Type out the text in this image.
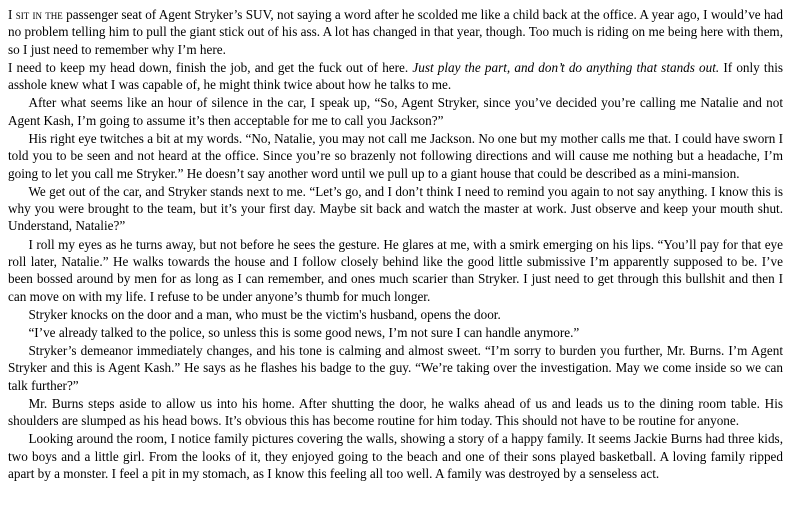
I sit in the passenger seat of Agent Stryker’s SUV, not saying a word after he scolded me like a child back at the office. A year ago, I would’ve had no problem telling him to pull the giant stick out of his ass. A lot has changed in that year, though. Too much is riding on me being here with them, so I just need to remember why I’m here.

I need to keep my head down, finish the job, and get the fuck out of here. Just play the part, and don’t do anything that stands out. If only this asshole knew what I was capable of, he might think twice about how he talks to me.

After what seems like an hour of silence in the car, I speak up, “So, Agent Stryker, since you’ve decided you’re calling me Natalie and not Agent Kash, I’m going to assume it’s then acceptable for me to call you Jackson?”

His right eye twitches a bit at my words. “No, Natalie, you may not call me Jackson. No one but my mother calls me that. I could have sworn I told you to be seen and not heard at the office. Since you’re so brazenly not following directions and will cause me nothing but a headache, I’m going to let you call me Stryker.” He doesn’t say another word until we pull up to a giant house that could be described as a mini-mansion.

We get out of the car, and Stryker stands next to me. “Let’s go, and I don’t think I need to remind you again to not say anything. I know this is why you were brought to the team, but it’s your first day. Maybe sit back and watch the master at work. Just observe and keep your mouth shut. Understand, Natalie?”

I roll my eyes as he turns away, but not before he sees the gesture. He glares at me, with a smirk emerging on his lips. “You’ll pay for that eye roll later, Natalie.” He walks towards the house and I follow closely behind like the good little submissive I’m apparently supposed to be. I’ve been bossed around by men for as long as I can remember, and ones much scarier than Stryker. I just need to get through this bullshit and then I can move on with my life. I refuse to be under anyone’s thumb for much longer.

Stryker knocks on the door and a man, who must be the victim's husband, opens the door.

“I’ve already talked to the police, so unless this is some good news, I’m not sure I can handle anymore.”

Stryker’s demeanor immediately changes, and his tone is calming and almost sweet. “I’m sorry to burden you further, Mr. Burns. I’m Agent Stryker and this is Agent Kash.” He says as he flashes his badge to the guy. “We’re taking over the investigation. May we come inside so we can talk further?”

Mr. Burns steps aside to allow us into his home. After shutting the door, he walks ahead of us and leads us to the dining room table. His shoulders are slumped as his head bows. It’s obvious this has become routine for him today. This should not have to be routine for anyone.

Looking around the room, I notice family pictures covering the walls, showing a story of a happy family. It seems Jackie Burns had three kids, two boys and a little girl. From the looks of it, they enjoyed going to the beach and one of their sons played basketball. A loving family ripped apart by a monster. I feel a pit in my stomach, as I know this feeling all too well. A family was destroyed by a senseless act.
